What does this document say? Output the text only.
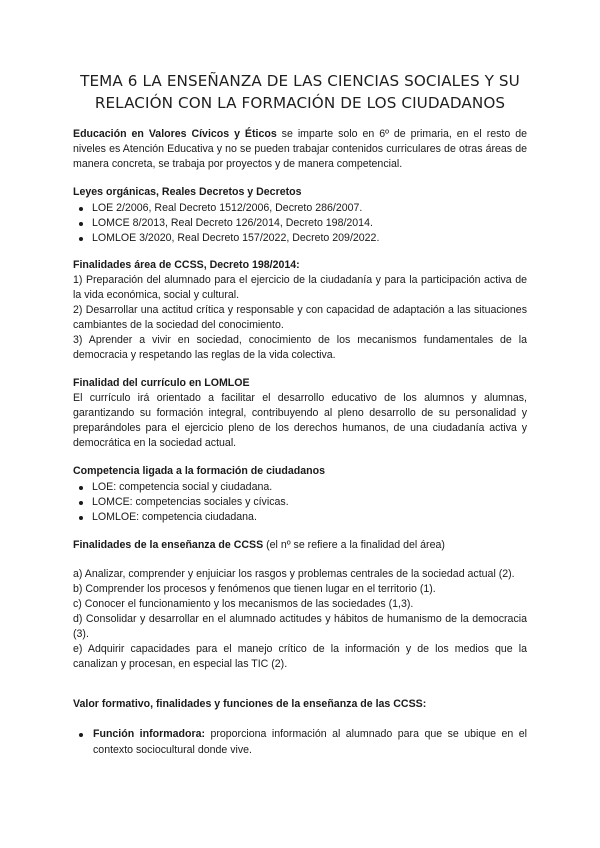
TEMA 6 LA ENSEÑANZA DE LAS CIENCIAS SOCIALES Y SU RELACIÓN CON LA FORMACIÓN DE LOS CIUDADANOS

Educación en Valores Cívicos y Éticos se imparte solo en 6º de primaria, en el resto de niveles es Atención Educativa y no se pueden trabajar contenidos curriculares de otras áreas de manera concreta, se trabaja por proyectos y de manera competencial.

Leyes orgánicas, Reales Decretos y Decretos

LOE 2/2006, Real Decreto 1512/2006, Decreto 286/2007.
LOMCE 8/2013, Real Decreto 126/2014, Decreto 198/2014.
LOMLOE 3/2020, Real Decreto 157/2022, Decreto 209/2022.

Finalidades área de CCSS, Decreto 198/2014:

1) Preparación del alumnado para el ejercicio de la ciudadanía y para la participación activa de la vida económica, social y cultural.

2) Desarrollar una actitud crítica y responsable y con capacidad de adaptación a las situaciones cambiantes de la sociedad del conocimiento.

3) Aprender a vivir en sociedad, conocimiento de los mecanismos fundamentales de la democracia y respetando las reglas de la vida colectiva.

Finalidad del currículo en LOMLOE

El currículo irá orientado a facilitar el desarrollo educativo de los alumnos y alumnas, garantizando su formación integral, contribuyendo al pleno desarrollo de su personalidad y preparándoles para el ejercicio pleno de los derechos humanos, de una ciudadanía activa y democrática en la sociedad actual.

Competencia ligada a la formación de ciudadanos

LOE: competencia social y ciudadana.
LOMCE: competencias sociales y cívicas.
LOMLOE: competencia ciudadana.

Finalidades de la enseñanza de CCSS (el nº se refiere a la finalidad del área)

a) Analizar, comprender y enjuiciar los rasgos y problemas centrales de la sociedad actual (2).

b) Comprender los procesos y fenómenos que tienen lugar en el territorio (1).

c) Conocer el funcionamiento y los mecanismos de las sociedades (1,3).

d) Consolidar y desarrollar en el alumnado actitudes y hábitos de humanismo de la democracia (3).

e) Adquirir capacidades para el manejo crítico de la información y de los medios que la canalizan y procesan, en especial las TIC (2).

Valor formativo, finalidades y funciones de la enseñanza de las CCSS:

Función informadora: proporciona información al alumnado para que se ubique en el contexto sociocultural donde vive.
